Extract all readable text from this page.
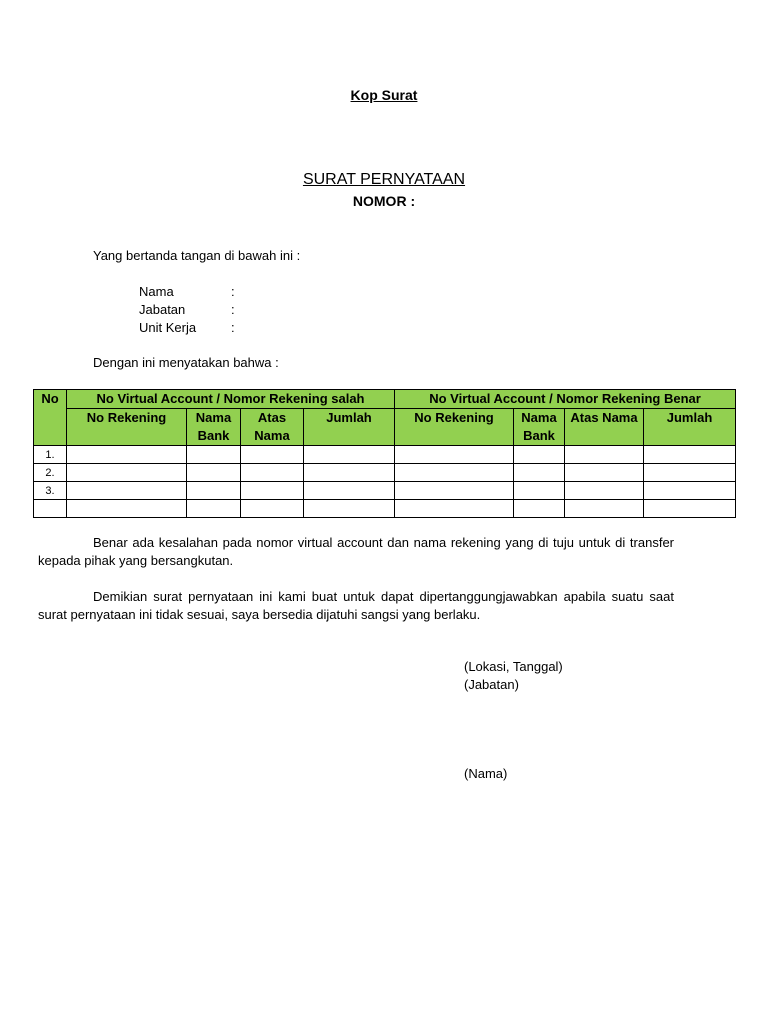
Kop Surat
SURAT PERNYATAAN
NOMOR :
Yang bertanda tangan di bawah ini :
Nama	:
Jabatan	:
Unit Kerja	:
Dengan ini menyatakan bahwa :
No	No Virtual Account / Nomor Rekening salah				No Virtual Account / Nomor Rekening Benar			
	No Rekening	Nama Bank	Atas Nama	Jumlah	No Rekening	Nama Bank	Atas Nama	Jumlah
1.								
2.								
3.								

Benar ada kesalahan pada nomor virtual account dan nama rekening yang di tuju untuk di transfer kepada pihak yang bersangkutan.
Demikian surat pernyataan ini kami buat untuk dapat dipertanggungjawabkan apabila suatu saat surat pernyataan ini tidak sesuai, saya bersedia dijatuhi sangsi yang berlaku.
(Lokasi, Tanggal)
(Jabatan)
(Nama)
